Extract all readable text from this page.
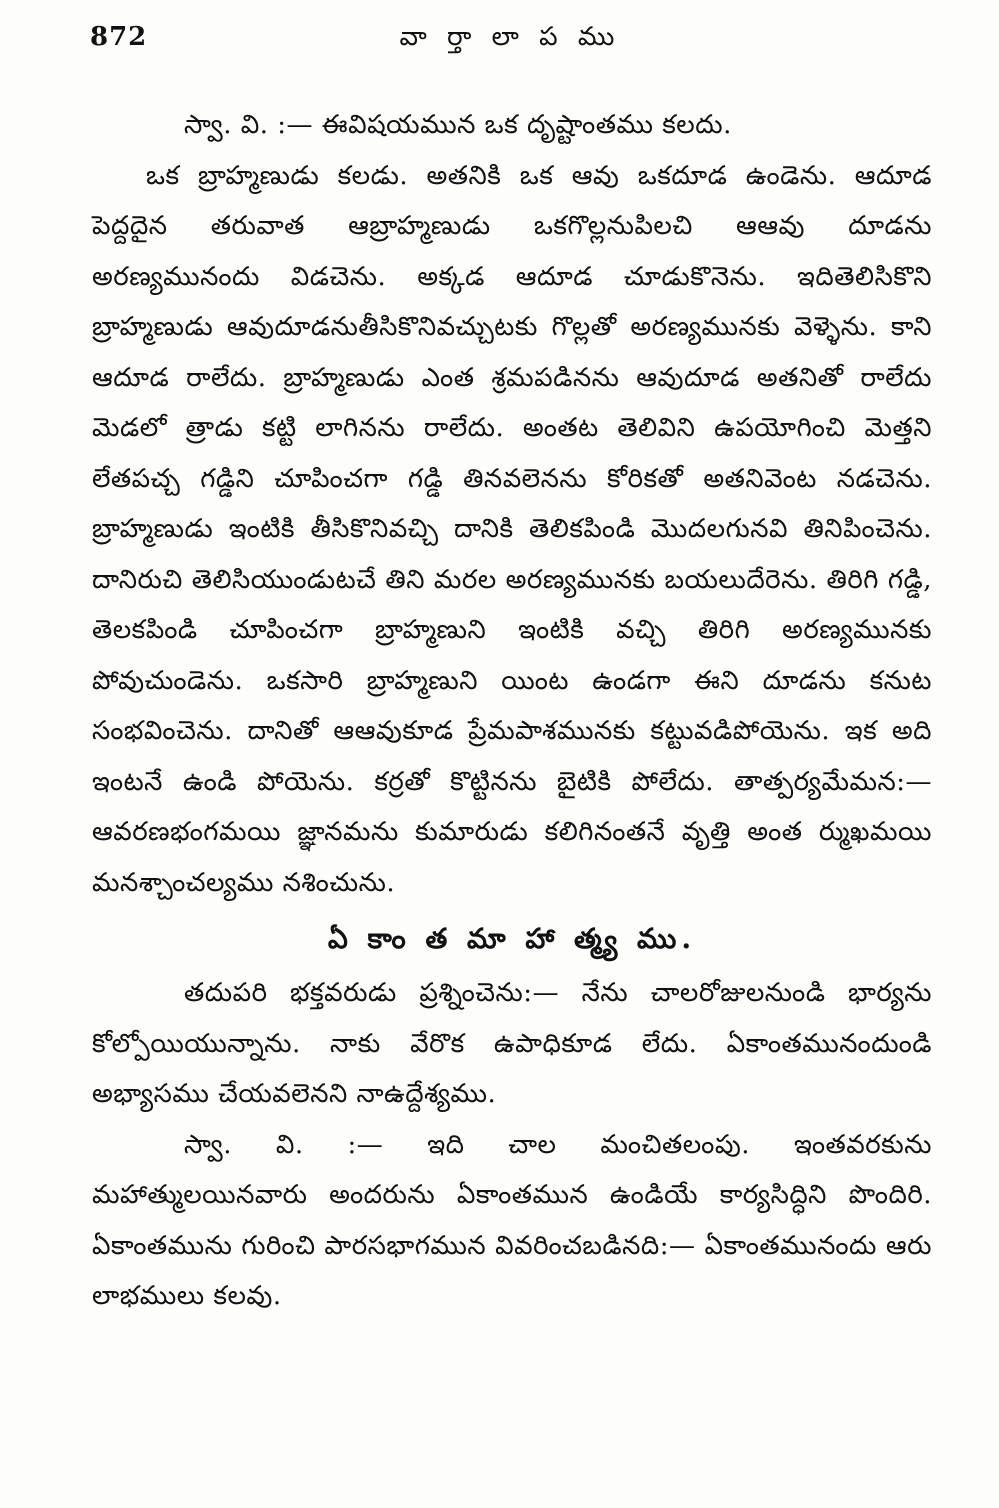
872	వా ర్తా లా ప ము

స్వా. వి. :— ఈవిషయమున ఒక దృష్టాంతము కలదు.

ఒక బ్రాహ్మణుడు కలడు. అతనికి ఒక ఆవు ఒకదూడ ఉండెను. ఆదూడ పెద్దదైన తరువాత ఆబ్రాహ్మణుడు ఒకగొల్లనుపిలచి ఆఆవు దూడను అరణ్యమునందు విడచెను. అక్కడ ఆదూడ చూడుకొనెను. ఇదితెలిసికొని బ్రాహ్మణుడు ఆవుదూడనుతీసికొనివచ్చుటకు గొల్లతో అరణ్యమునకు వెళ్ళెను. కాని ఆదూడ రాలేదు. బ్రాహ్మణుడు ఎంత శ్రమపడినను ఆవుదూడ అతనితో రాలేదు మెడలో త్రాడు కట్టి లాగినను రాలేదు. అంతట తెలివిని ఉపయోగించి మెత్తని లేతపచ్చ గడ్డిని చూపించగా గడ్డి తినవలెనను కోరికతో అతనివెంట నడచెను. బ్రాహ్మణుడు ఇంటికి తీసికొనివచ్చి దానికి తెలికపిండి మొదలగునవి తినిపించెను. దానిరుచి తెలిసియుండుటచే తిని మరల అరణ్యమునకు బయలుదేరెను. తిరిగి గడ్డి, తెలకపిండి చూపించగా బ్రాహ్మణుని ఇంటికి వచ్చి తిరిగి అరణ్యమునకు పోవుచుండెను. ఒకసారి బ్రాహ్మణుని యింట ఉండగా ఈని దూడను కనుట సంభవించెను. దానితో ఆఆవుకూడ ప్రేమపాశమునకు కట్టువడిపోయెను. ఇక అది ఇంటనే ఉండి పోయెను. కర్రతో కొట్టినను బైటికి పోలేదు. తాత్పర్యమేమన:— ఆవరణభంగమయి జ్ఞానమను కుమారుడు కలిగినంతనే వృత్తి అంత ర్ముఖమయి మనశ్చాంచల్యము నశించును.

ఏ కాం త మా హా త్మ్య ము.

తదుపరి భక్తవరుడు ప్రశ్నించెను:— నేను చాలరోజులనుండి భార్యను కోల్పోయియున్నాను. నాకు వేరొక ఉపాధికూడ లేదు. ఏకాంతమునందుండి అభ్యాసము చేయవలెనని నాఉద్దేశ్యము.

స్వా. వి. :— ఇది చాల మంచితలంపు. ఇంతవరకును మహాత్ములయినవారు అందరును ఏకాంతమున ఉండియే కార్యసిద్ధిని పొందిరి. ఏకాంతమును గురించి పారసభాగమున వివరించబడినది:— ఏకాంతమునందు ఆరు లాభములు కలవు.
